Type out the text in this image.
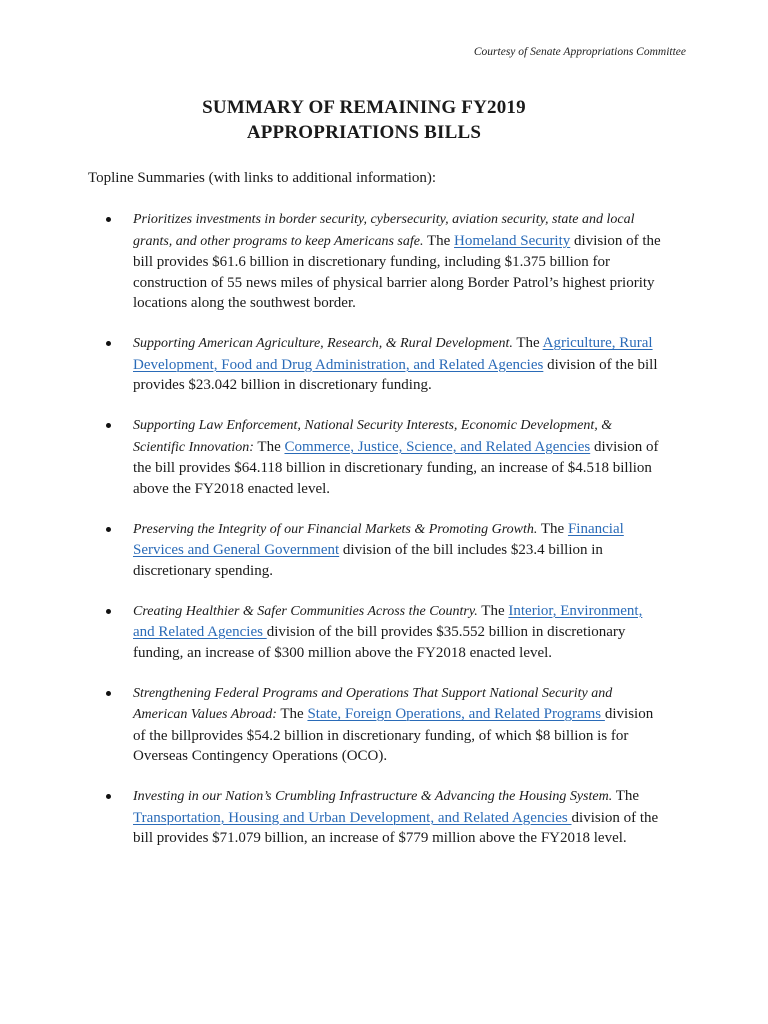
Courtesy of Senate Appropriations Committee
SUMMARY OF REMAINING FY2019
APPROPRIATIONS BILLS
Topline Summaries (with links to additional information):
Prioritizes investments in border security, cybersecurity, aviation security, state and local grants, and other programs to keep Americans safe. The Homeland Security division of the bill provides $61.6 billion in discretionary funding, including $1.375 billion for construction of 55 news miles of physical barrier along Border Patrol’s highest priority locations along the southwest border.
Supporting American Agriculture, Research, & Rural Development. The Agriculture, Rural Development, Food and Drug Administration, and Related Agencies division of the bill provides $23.042 billion in discretionary funding.
Supporting Law Enforcement, National Security Interests, Economic Development, & Scientific Innovation: The Commerce, Justice, Science, and Related Agencies division of the bill provides $64.118 billion in discretionary funding, an increase of $4.518 billion above the FY2018 enacted level.
Preserving the Integrity of our Financial Markets & Promoting Growth. The Financial Services and General Government division of the bill includes $23.4 billion in discretionary spending.
Creating Healthier & Safer Communities Across the Country. The Interior, Environment, and Related Agencies division of the bill provides $35.552 billion in discretionary funding, an increase of $300 million above the FY2018 enacted level.
Strengthening Federal Programs and Operations That Support National Security and American Values Abroad: The State, Foreign Operations, and Related Programs division of the billprovides $54.2 billion in discretionary funding, of which $8 billion is for Overseas Contingency Operations (OCO).
Investing in our Nation’s Crumbling Infrastructure & Advancing the Housing System. The Transportation, Housing and Urban Development, and Related Agencies division of the bill provides $71.079 billion, an increase of $779 million above the FY2018 level.
